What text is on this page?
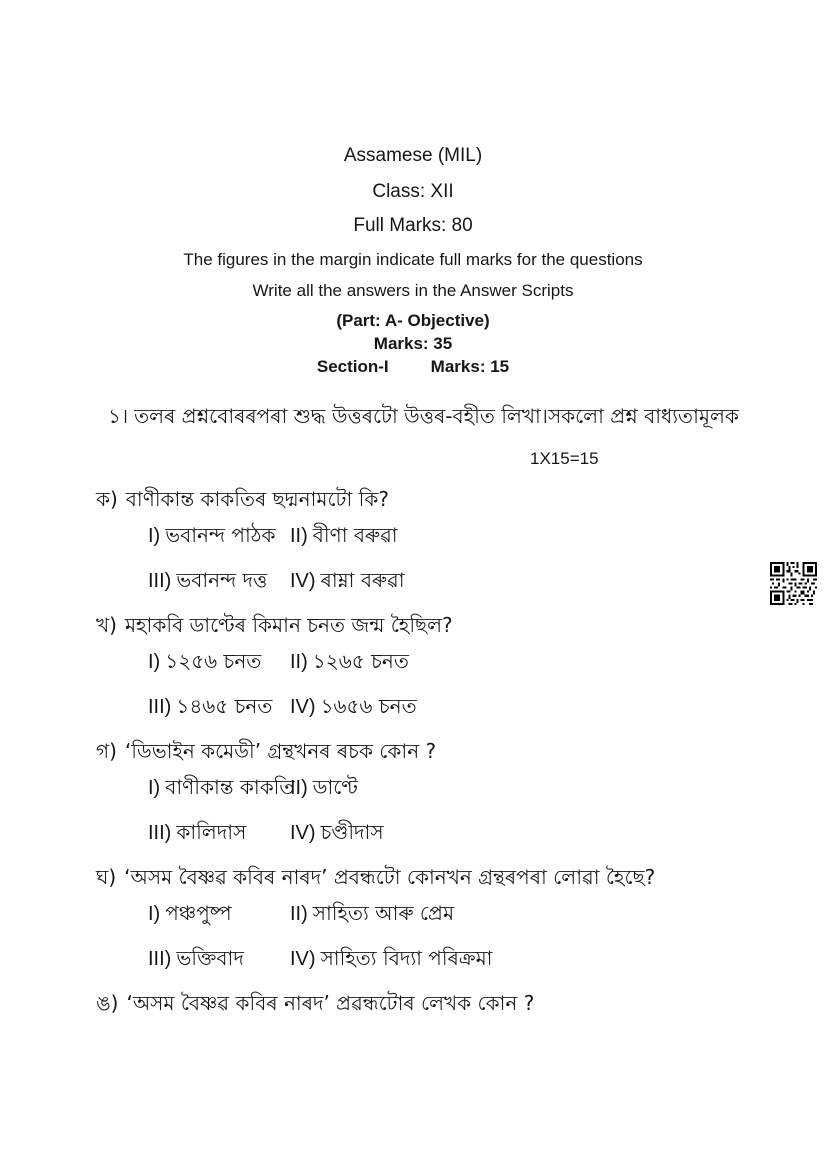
Assamese (MIL)
Class: XII
Full Marks: 80
The figures in the margin indicate full marks for the questions
Write all the answers in the Answer Scripts
(Part: A- Objective)
Marks: 35
Section-I Marks: 15
১। তলৰ প্ৰশ্নবোৰৰপৰা শুদ্ধ উত্তৰটো উত্তৰ-বহীত লিখা।সকলো প্ৰশ্ন বাধ্যতামূলক
1X15=15
ক) বাণীকান্ত কাকতিৰ ছদ্মনামটো কি?
I) ভবানন্দ পাঠক II) বীণা বৰুৱা
III) ভবানন্দ দত্ত	IV) ৰাম্না বৰুৱা
খ) মহাকবি ডাণ্টেৰ কিমান চনত জন্ম হৈছিল?
I) ১২৫৬ চনত	II) ১২৬৫ চনত
III) ১৪৬৫ চনত IV) ১৬৫৬ চনত
গ) ‘ডিভাইন কমেডী’ গ্ৰন্থখনৰ ৰচক কোন ?
I) বাণীকান্ত কাকতি
II) ডাণ্টে
III) কালিদাস	IV) চণ্ডীদাস
ঘ) ‘অসম বৈষ্ণৱ কবিৰ নাৰদ’ প্ৰবন্ধটো কোনখন গ্ৰন্থৰপৰা লোৱা হৈছে?
I) পঞ্চপুষ্প	II) সাহিত্য আৰু প্ৰেম
III) ভক্তিবাদ	IV) সাহিত্য বিদ্যা পৰিক্ৰমা
ঙ) ‘অসম বৈষ্ণৱ কবিৰ নাৰদ’ প্ৰৱন্ধটোৰ লেখক কোন ?
